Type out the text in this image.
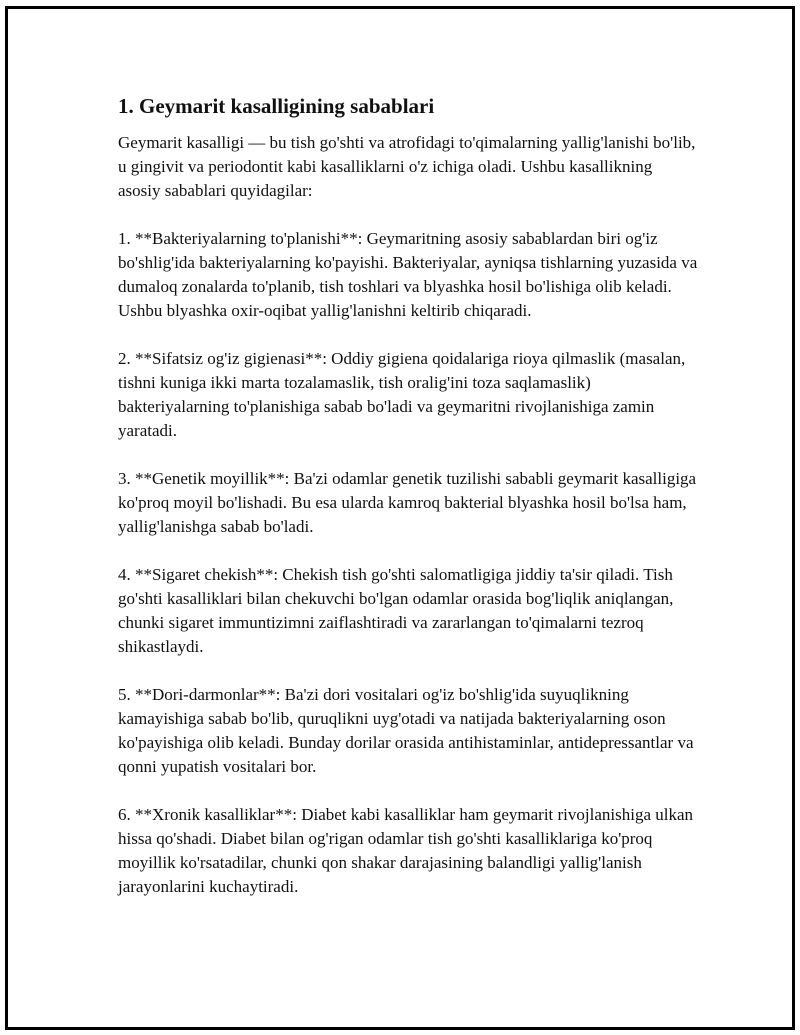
1. Geymarit kasalligining sabablari

Geymarit kasalligi — bu tish go'shti va atrofidagi to'qimalarning yallig'lanishi bo'lib, u gingivit va periodontit kabi kasalliklarni o'z ichiga oladi. Ushbu kasallikning asosiy sabablari quyidagilar:

1. **Bakteriyalarning to'planishi**: Geymaritning asosiy sabablardan biri og'iz bo'shlig'ida bakteriyalarning ko'payishi. Bakteriyalar, ayniqsa tishlarning yuzasida va dumaloq zonalarda to'planib, tish toshlari va blyashka hosil bo'lishiga olib keladi. Ushbu blyashka oxir-oqibat yallig'lanishni keltirib chiqaradi.

2. **Sifatsiz og'iz gigienasi**: Oddiy gigiena qoidalariga rioya qilmaslik (masalan, tishni kuniga ikki marta tozalamaslik, tish oralig'ini toza saqlamaslik) bakteriyalarning to'planishiga sabab bo'ladi va geymaritni rivojlanishiga zamin yaratadi.

3. **Genetik moyillik**: Ba'zi odamlar genetik tuzilishi sababli geymarit kasalligiga ko'proq moyil bo'lishadi. Bu esa ularda kamroq bakterial blyashka hosil bo'lsa ham, yallig'lanishga sabab bo'ladi.

4. **Sigaret chekish**: Chekish tish go'shti salomatligiga jiddiy ta'sir qiladi. Tish go'shti kasalliklari bilan chekuvchi bo'lgan odamlar orasida bog'liqlik aniqlangan, chunki sigaret immuntizimni zaiflashtiradi va zararlangan to'qimalarni tezroq shikastlaydi.

5. **Dori-darmonlar**: Ba'zi dori vositalari og'iz bo'shlig'ida suyuqlikning kamayishiga sabab bo'lib, quruqlikni uyg'otadi va natijada bakteriyalarning oson ko'payishiga olib keladi. Bunday dorilar orasida antihistaminlar, antidepressantlar va qonni yupatish vositalari bor.

6. **Xronik kasalliklar**: Diabet kabi kasalliklar ham geymarit rivojlanishiga ulkan hissa qo'shadi. Diabet bilan og'rigan odamlar tish go'shti kasalliklariga ko'proq moyillik ko'rsatadilar, chunki qon shakar darajasining balandligi yallig'lanish jarayonlarini kuchaytiradi.
